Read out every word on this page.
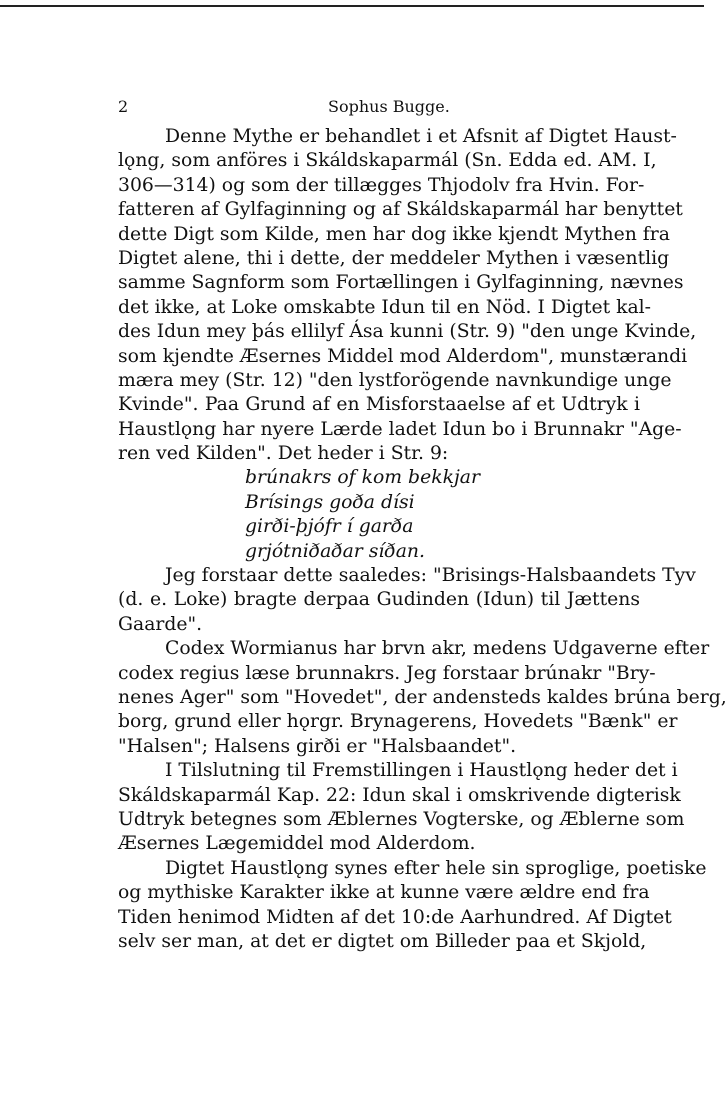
2	Sophus Bugge.
Denne Mythe er behandlet i et Afsnit af Digtet Haust-
lǫng, som anföres i Skáldskaparmál (Sn. Edda ed. AM. I,
306—314) og som der tillægges Thjodolv fra Hvin. For-
fatteren af Gylfaginning og af Skáldskaparmál har benyttet
dette Digt som Kilde, men har dog ikke kjendt Mythen fra
Digtet alene, thi i dette, der meddeler Mythen i væsentlig
samme Sagnform som Fortællingen i Gylfaginning, nævnes
det ikke, at Loke omskabte Idun til en Nöd. I Digtet kal-
des Idun mey þás ellilyf Ása kunni (Str. 9) "den unge Kvinde,
som kjendte Æsernes Middel mod Alderdom", munstærandi
mæra mey (Str. 12) "den lystforögende navnkundige unge
Kvinde". Paa Grund af en Misforstaaelse af et Udtryk i
Haustlǫng har nyere Lærde ladet Idun bo i Brunnakr "Age-
ren ved Kilden". Det heder i Str. 9:
brúnakrs of kom bekkjar
Brísings goða dísi
girði-þjófr í garða
grjótniðaðar síðan.
Jeg forstaar dette saaledes: "Brisings-Halsbaandets Tyv
(d. e. Loke) bragte derpaa Gudinden (Idun) til Jættens
Gaarde".
Codex Wormianus har brvn akr, medens Udgaverne efter
codex regius læse brunnakrs. Jeg forstaar brúnakr "Bry-
nenes Ager" som "Hovedet", der andensteds kaldes brúna berg,
borg, grund eller hǫrgr. Brynagerens, Hovedets "Bænk" er
"Halsen"; Halsens girði er "Halsbaandet".
I Tilslutning til Fremstillingen i Haustlǫng heder det i
Skáldskaparmál Kap. 22: Idun skal i omskrivende digterisk
Udtryk betegnes som Æblernes Vogterske, og Æblerne som
Æsernes Lægemiddel mod Alderdom.
Digtet Haustlǫng synes efter hele sin sproglige, poetiske
og mythiske Karakter ikke at kunne være ældre end fra
Tiden henimod Midten af det 10:de Aarhundred. Af Digtet
selv ser man, at det er digtet om Billeder paa et Skjold,
